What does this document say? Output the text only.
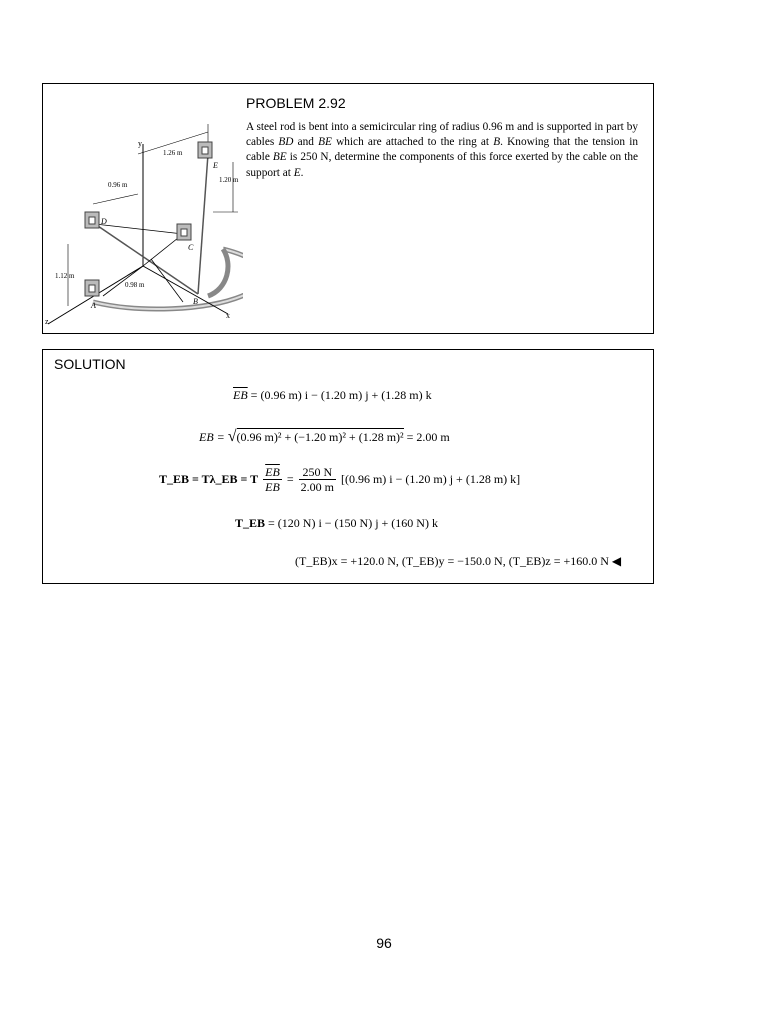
y
z
x
D
E
C
A	B
1.26 m
0.96 m
1.20 m
1.12 m
0.98 m
PROBLEM 2.92

A steel rod is bent into a semicircular ring of radius 0.96 m and is supported in part by cables BD and BE which are attached to the ring at B. Knowing that the tension in cable BE is 250 N, determine the components of this force exerted by the cable on the support at E.

SOLUTION
$\overline{EB} = (0.96$ m) i − (1.20 m) j + (1.28 m) k
EB = √(0.96 m)² + (−1.20 m)² + (1.28 m)² = 2.00 m
T_EB = Tλ_EB = T $\frac{\overline{EB}}{EB} = \frac{250 N}{2.00 m} [(0.96$ m) i − (1.20 m) j + (1.28 m) k]
T_EB = (120 N) i − (150 N) j + (160 N) k
(T_EB)x = +120.0 N, (T_EB)y = −150.0 N, (T_EB)z = +160.0 N ◀
96
